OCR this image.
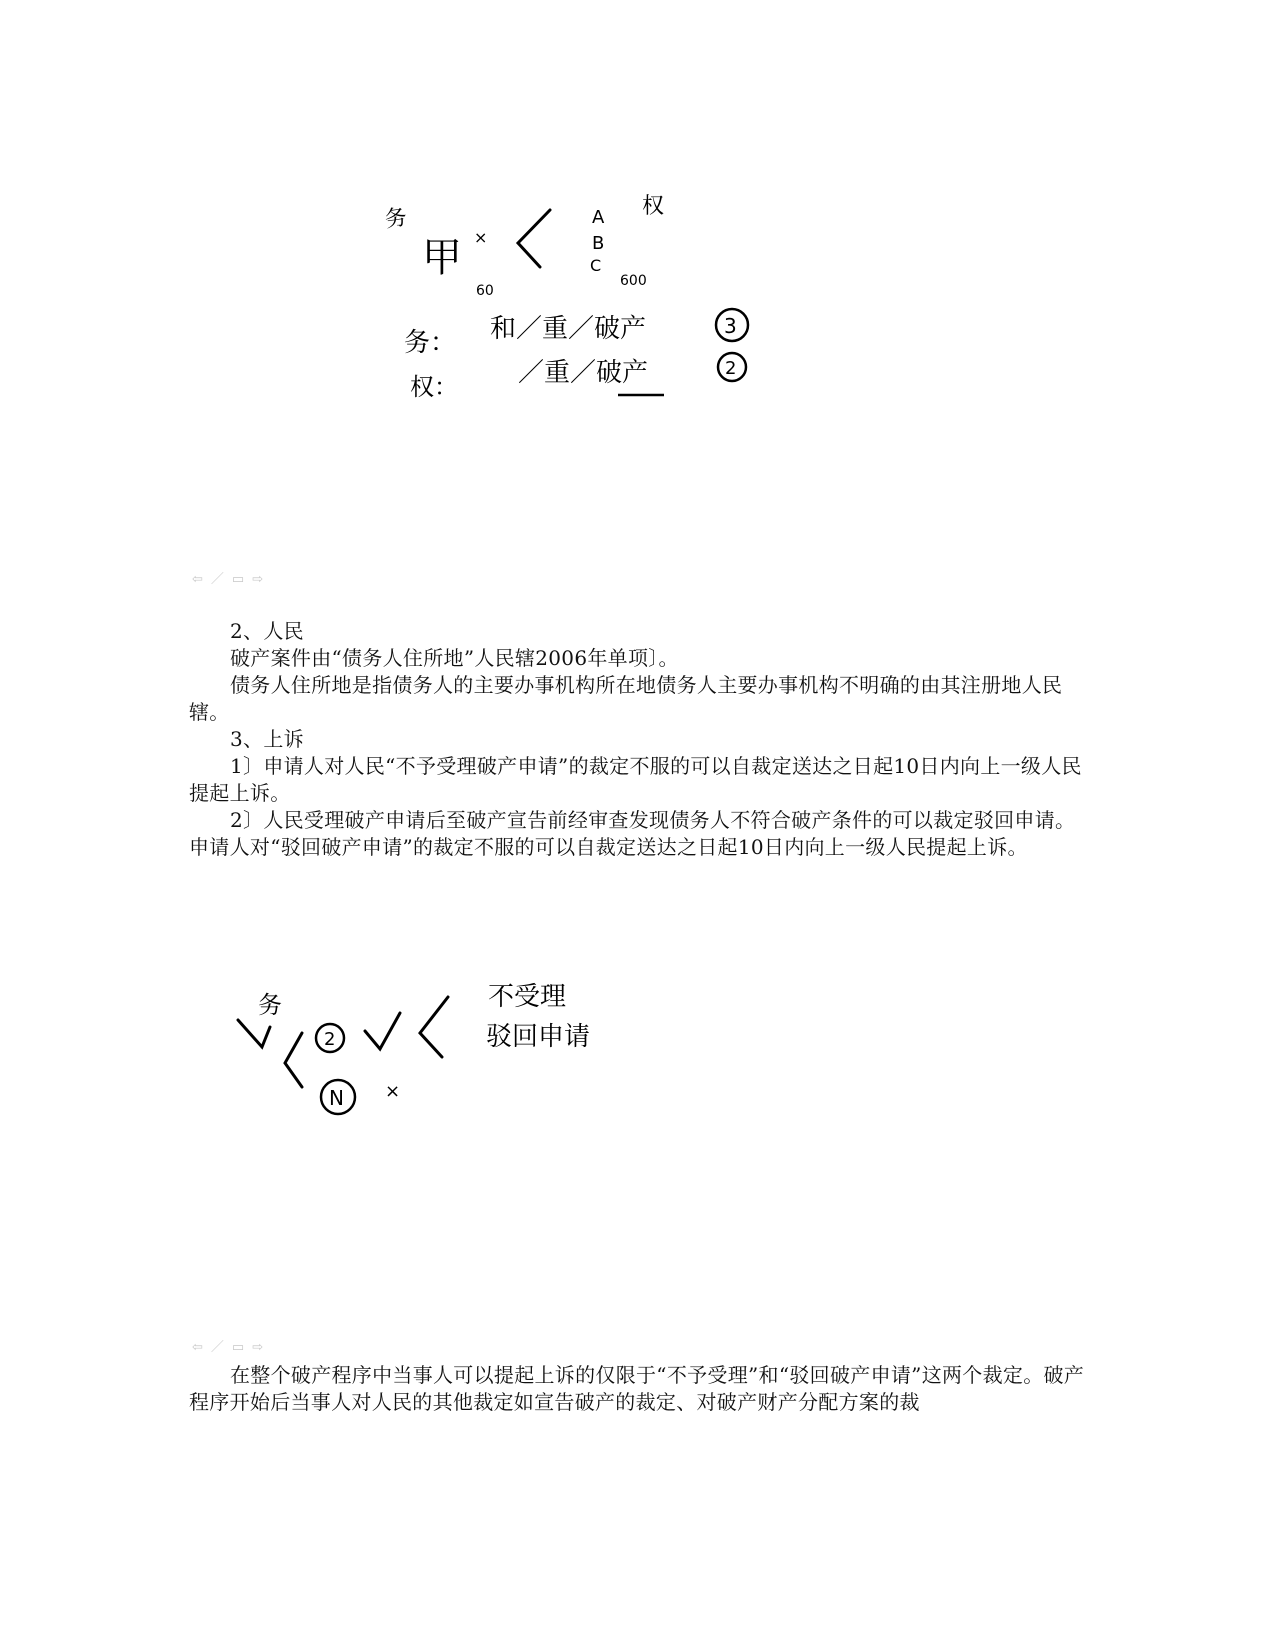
务
甲 ×
60
A
B
C
权
600
务： 和／重／破产	3
权： ／重／破产	2
⇦ ／ ▭ ⇨

2、人民

破产案件由“债务人住所地”人民辖2006年单项〕。

债务人住所地是指债务人的主要办事机构所在地债务人主要办事机构不明确的由其注册地人民辖。

3、上诉

1〕申请人对人民“不予受理破产申请”的裁定不服的可以自裁定送达之日起10日内向上一级人民提起上诉。

2〕人民受理破产申请后至破产宣告前经审查发现债务人不符合破产条件的可以裁定驳回申请。申请人对“驳回破产申请”的裁定不服的可以自裁定送达之日起10日内向上一级人民提起上诉。

务
2
N ×
不受理
驳回申请
⇦ ／ ▭ ⇨

在整个破产程序中当事人可以提起上诉的仅限于“不予受理”和“驳回破产申请”这两个裁定。破产程序开始后当事人对人民的其他裁定如宣告破产的裁定、对破产财产分配方案的裁
